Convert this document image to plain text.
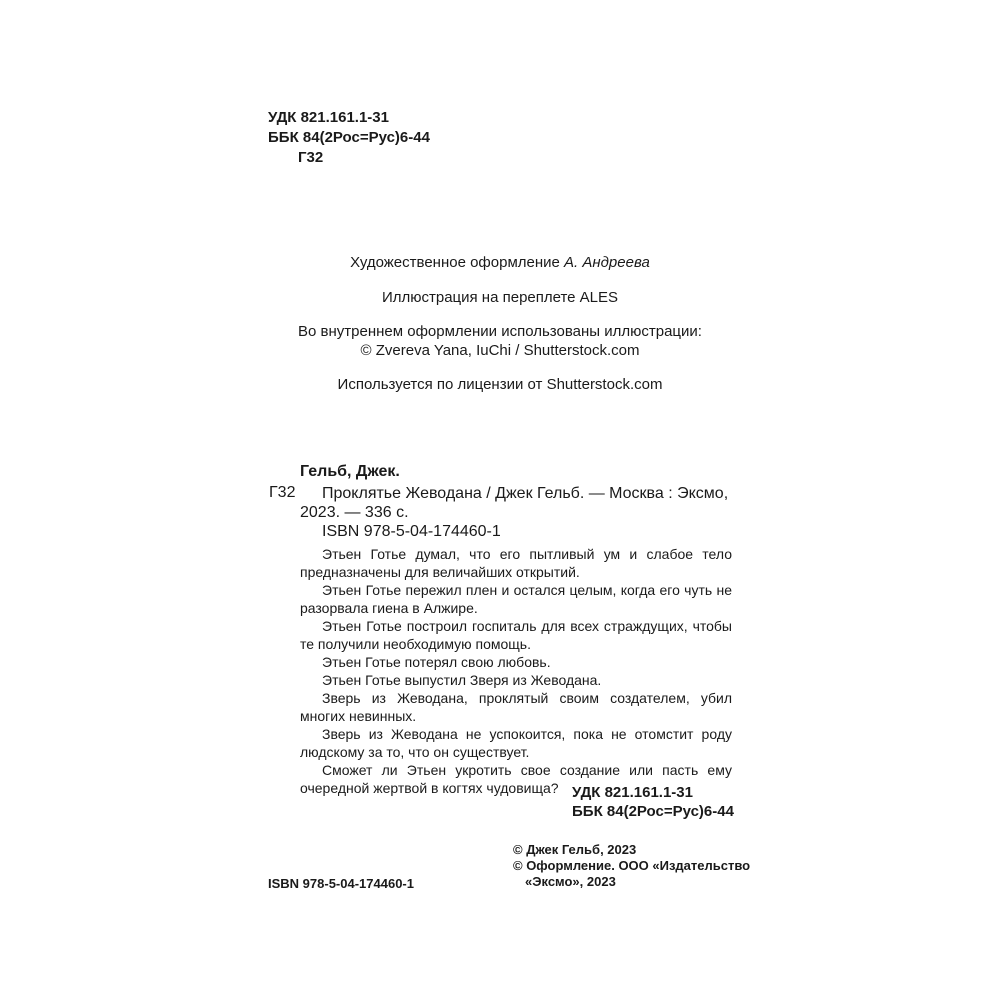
УДК 821.161.1-31
ББК 84(2Рос=Рус)6-44
Г32
Художественное оформление А. Андреева
Иллюстрация на переплете ALES
Во внутреннем оформлении использованы иллюстрации:
© Zvereva Yana, IuChi / Shutterstock.com
Используется по лицензии от Shutterstock.com
Гельб, Джек.
Г32 Проклятье Жеводана / Джек Гельб. — Москва : Эксмо,
2023. — 336 с.
ISBN 978-5-04-174460-1

Этьен Готье думал, что его пытливый ум и слабое тело предназначены для величайших открытий.

Этьен Готье пережил плен и остался целым, когда его чуть не разорвала гиена в Алжире.

Этьен Готье построил госпиталь для всех страждущих, чтобы те получили необходимую помощь.

Этьен Готье потерял свою любовь.

Этьен Готье выпустил Зверя из Жеводана.

Зверь из Жеводана, проклятый своим создателем, убил многих невинных.

Зверь из Жеводана не успокоится, пока не отомстит роду людскому за то, что он существует.

Сможет ли Этьен укротить свое создание или пасть ему очередной жертвой в когтях чудовища? УДК 821.161.1-31
ББК 84(2Рос=Рус)6-44
© Джек Гельб, 2023
© Оформление. ООО «Издательство
«Эксмо», 2023
ISBN 978-5-04-174460-1
